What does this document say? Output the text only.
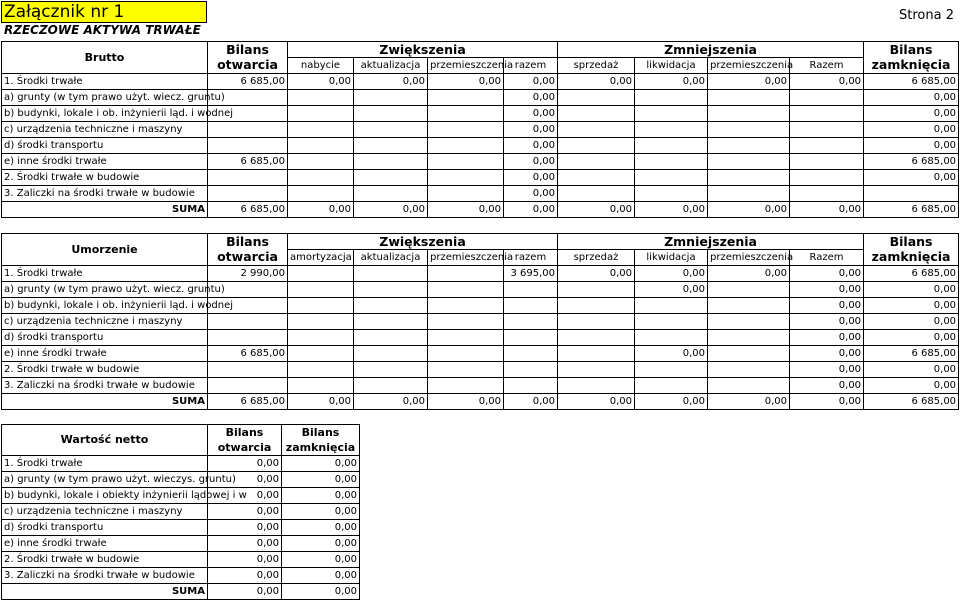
Załącznik nr 1
RZECZOWE AKTYWA TRWAŁE
Strona 2
Brutto	Bilans	Zwiększenia				Zmniejszenia				Bilans
	otwarcia	nabycie	aktualizacja	przemieszczenia	razem	sprzedaż	likwidacja	przemieszczenia	Razem	zamknięcia
1. Środki trwałe	6 685,00	0,00	0,00	0,00	0,00	0,00	0,00	0,00	0,00	6 685,00
a) grunty (w tym prawo użyt. wiecz. gruntu)					0,00					0,00
b) budynki, lokale i ob. inżynierii ląd. i wodnej					0,00					0,00
c) urządzenia techniczne i maszyny					0,00					0,00
d) środki transportu					0,00					0,00
e) inne środki trwałe	6 685,00				0,00					6 685,00
2. Środki trwałe w budowie					0,00					0,00
3. Zaliczki na środki trwałe w budowie					0,00					
SUMA	6 685,00	0,00	0,00	0,00	0,00	0,00	0,00	0,00	0,00	6 685,00
Umorzenie	Bilans	Zwiększenia				Zmniejszenia				Bilans
	otwarcia	amortyzacja	aktualizacja	przemieszczenia	razem	sprzedaż	likwidacja	przemieszczenia	Razem	zamknięcia
1. Środki trwałe	2 990,00				3 695,00	0,00	0,00	0,00	0,00	6 685,00
a) grunty (w tym prawo użyt. wiecz. gruntu)							0,00		0,00	0,00
b) budynki, lokale i ob. inżynierii ląd. i wodnej									0,00	0,00
c) urządzenia techniczne i maszyny									0,00	0,00
d) środki transportu									0,00	0,00
e) inne środki trwałe	6 685,00						0,00		0,00	6 685,00
2. Środki trwałe w budowie									0,00	0,00
3. Zaliczki na środki trwałe w budowie									0,00	0,00
SUMA	6 685,00	0,00	0,00	0,00	0,00	0,00	0,00	0,00	0,00	6 685,00
Wartość netto	Bilans	Bilans
	otwarcia	zamknięcia
1. Środki trwałe	0,00	0,00
a) grunty (w tym prawo użyt. wieczys. gruntu)	0,00	0,00
b) budynki, lokale i obiekty inżynierii lądowej i w	0,00	0,00
c) urządzenia techniczne i maszyny	0,00	0,00
d) środki transportu	0,00	0,00
e) inne środki trwałe	0,00	0,00
2. Środki trwałe w budowie	0,00	0,00
3. Zaliczki na środki trwałe w budowie	0,00	0,00
SUMA	0,00	0,00
